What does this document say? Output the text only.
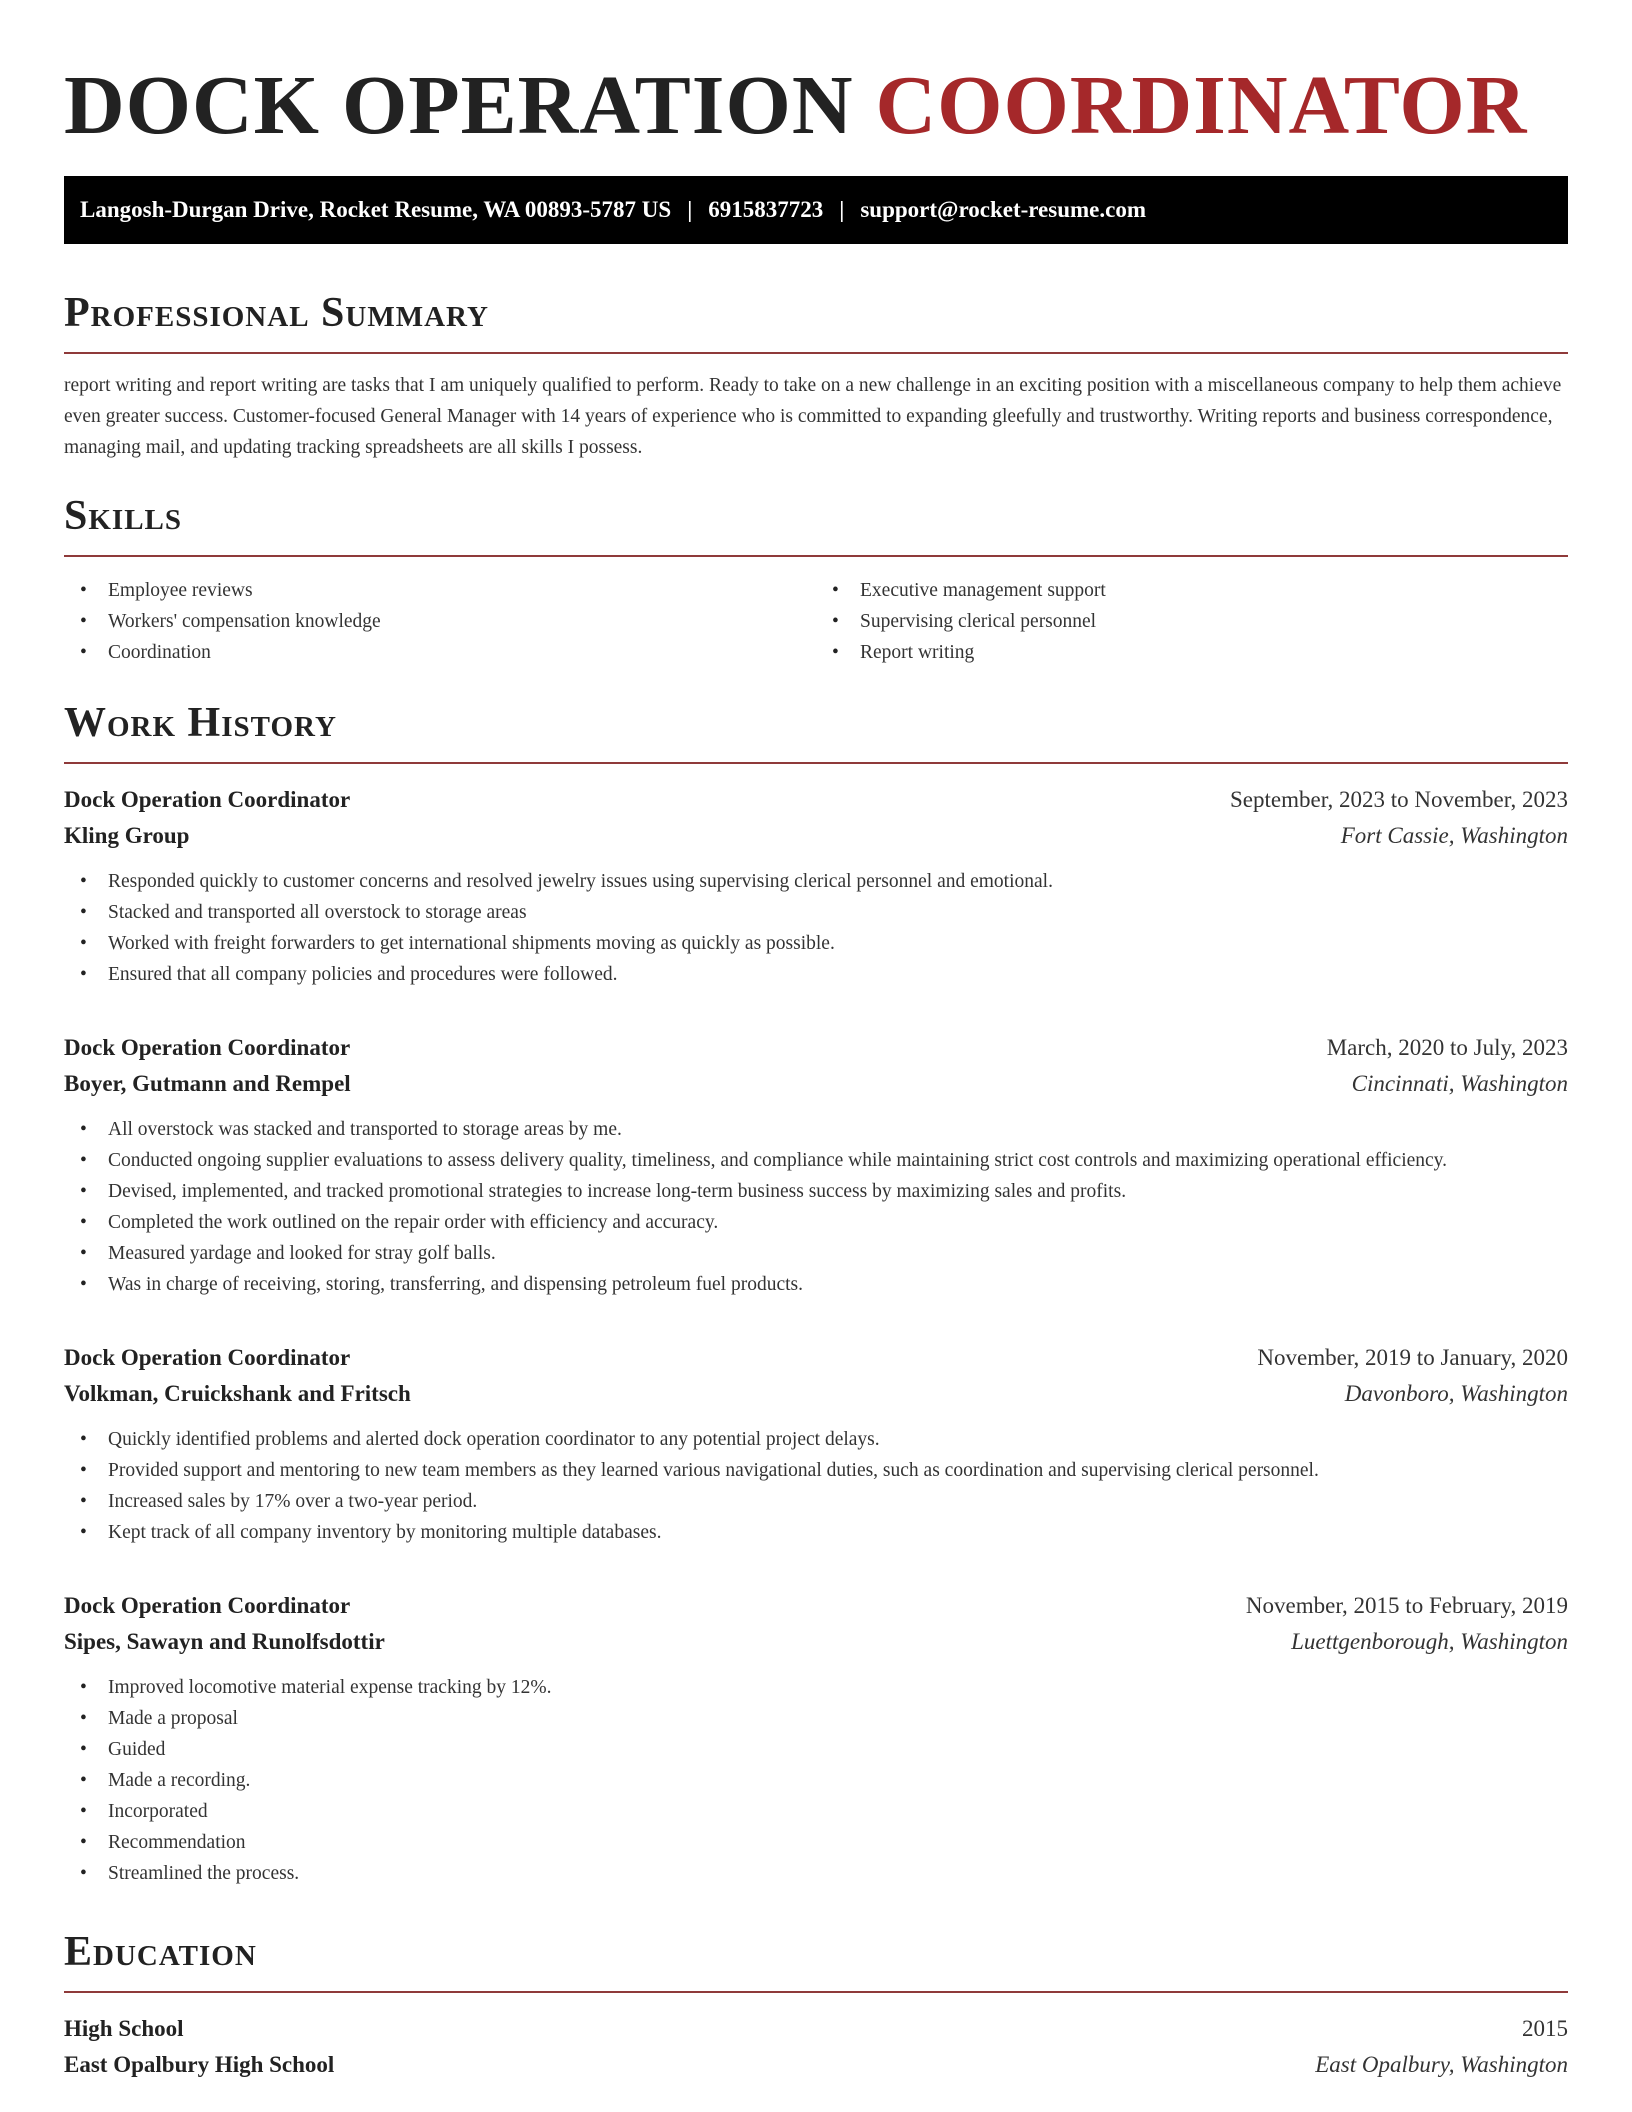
DOCK OPERATION COORDINATOR
Langosh-Durgan Drive, Rocket Resume, WA 00893-5787 US | 6915837723 | support@rocket-resume.com
Professional Summary

report writing and report writing are tasks that I am uniquely qualified to perform. Ready to take on a new challenge in an exciting position with a miscellaneous company to help them achieve even greater success. Customer-focused General Manager with 14 years of experience who is committed to expanding gleefully and trustworthy. Writing reports and business correspondence, managing mail, and updating tracking spreadsheets are all skills I possess.

Skills
• Employee reviews
• Workers' compensation knowledge
• Coordination
• Executive management support
• Supervising clerical personnel
• Report writing
Work History
Dock Operation Coordinator	September, 2023 to November, 2023
Kling Group	Fort Cassie, Washington
• Responded quickly to customer concerns and resolved jewelry issues using supervising clerical personnel and emotional.
• Stacked and transported all overstock to storage areas
• Worked with freight forwarders to get international shipments moving as quickly as possible.
• Ensured that all company policies and procedures were followed.
Dock Operation Coordinator	March, 2020 to July, 2023
Boyer, Gutmann and Rempel	Cincinnati, Washington
• All overstock was stacked and transported to storage areas by me.
• Conducted ongoing supplier evaluations to assess delivery quality, timeliness, and compliance while maintaining strict cost controls and maximizing operational efficiency.
• Devised, implemented, and tracked promotional strategies to increase long-term business success by maximizing sales and profits.
• Completed the work outlined on the repair order with efficiency and accuracy.
• Measured yardage and looked for stray golf balls.
• Was in charge of receiving, storing, transferring, and dispensing petroleum fuel products.
Dock Operation Coordinator	November, 2019 to January, 2020
Volkman, Cruickshank and Fritsch	Davonboro, Washington
• Quickly identified problems and alerted dock operation coordinator to any potential project delays.
• Provided support and mentoring to new team members as they learned various navigational duties, such as coordination and supervising clerical personnel.
• Increased sales by 17% over a two-year period.
• Kept track of all company inventory by monitoring multiple databases.
Dock Operation Coordinator	November, 2015 to February, 2019
Sipes, Sawayn and Runolfsdottir	Luettgenborough, Washington
• Improved locomotive material expense tracking by 12%.
• Made a proposal
• Guided
• Made a recording.
• Incorporated
• Recommendation
• Streamlined the process.
Education
High School	2015
East Opalbury High School	East Opalbury, Washington
